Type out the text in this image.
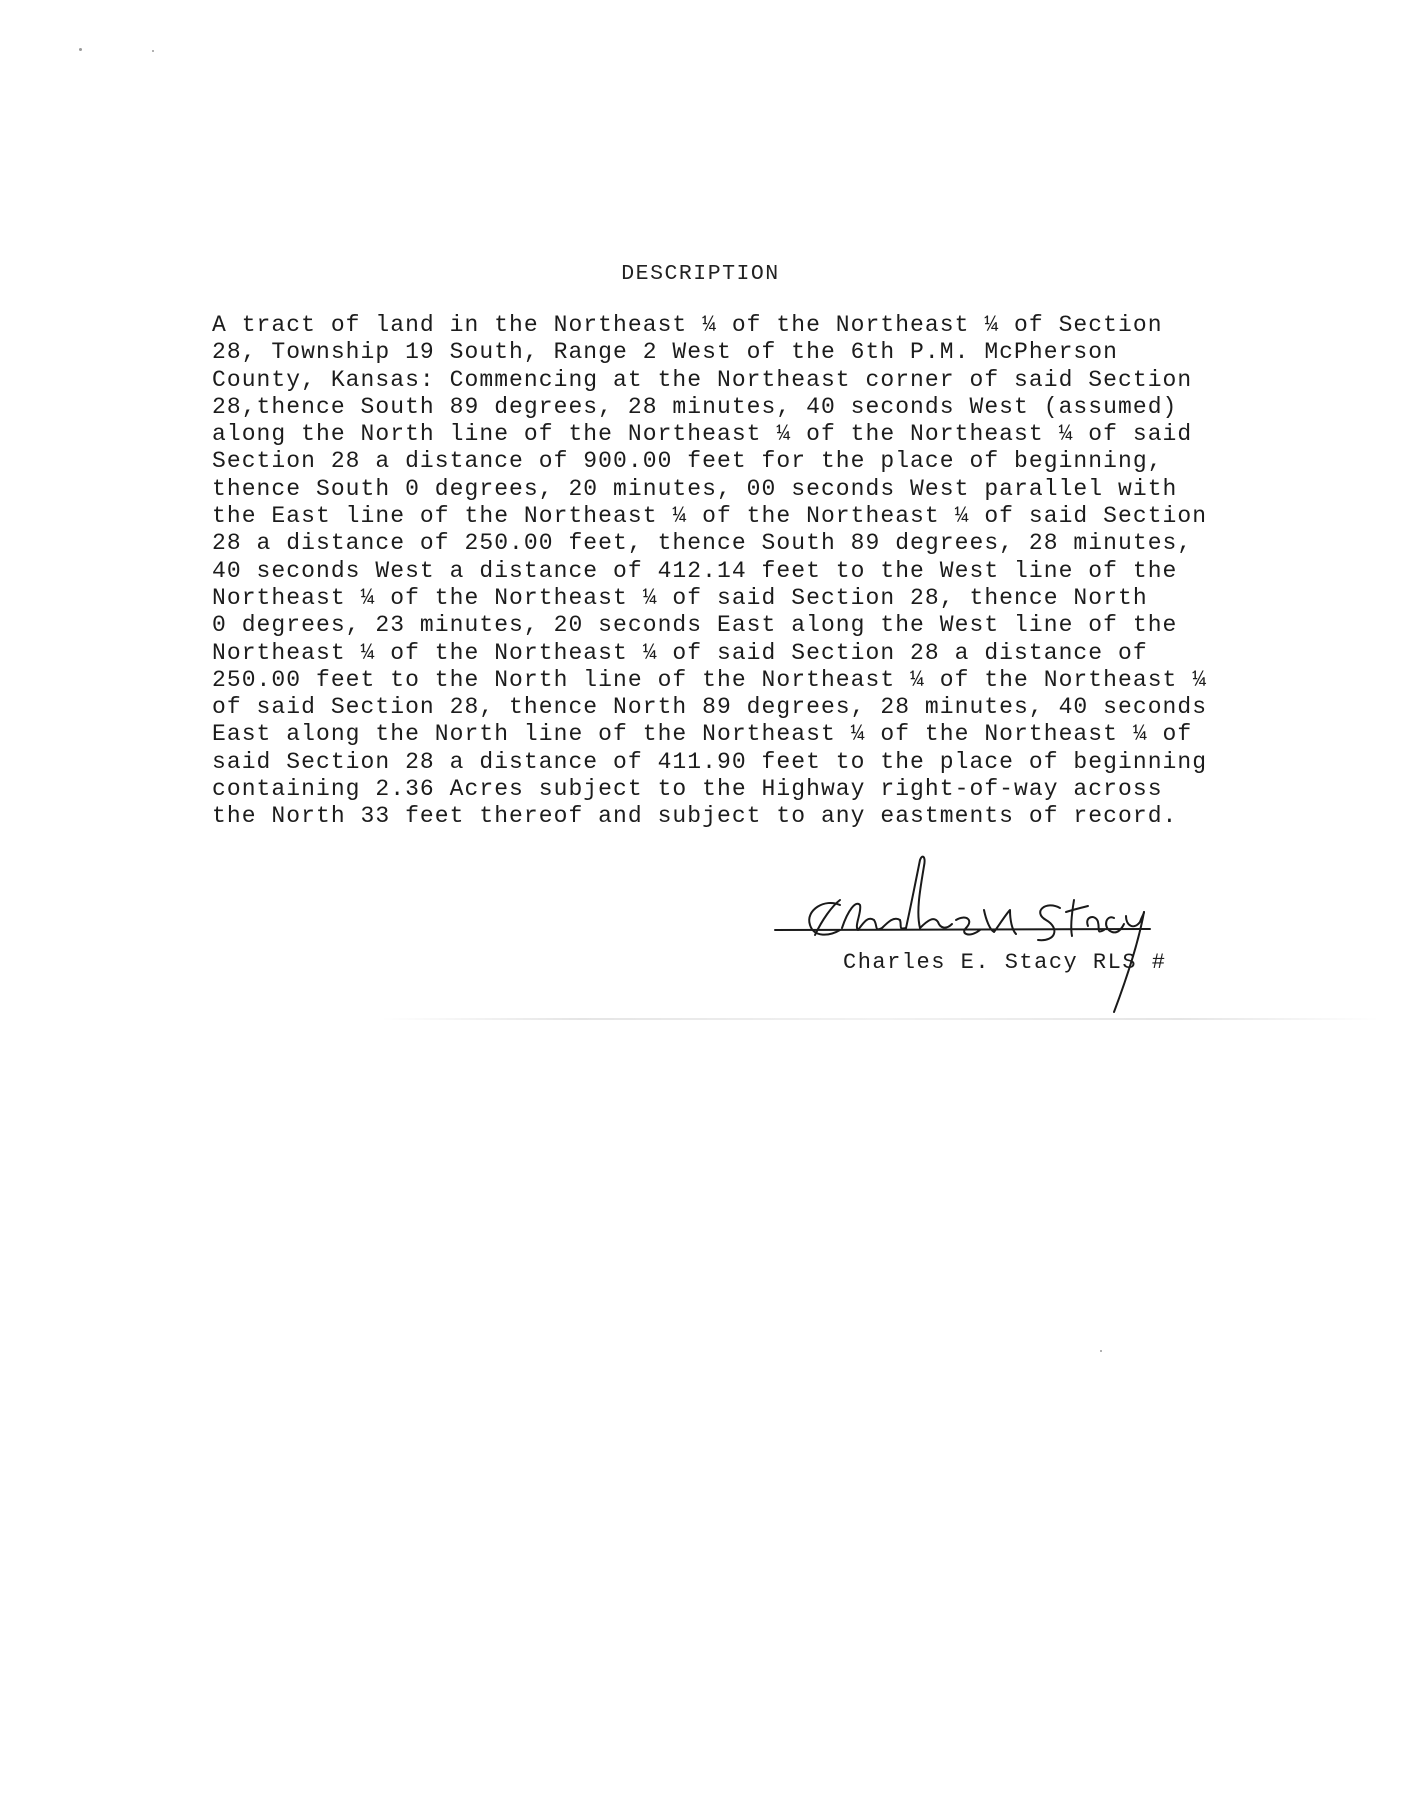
DESCRIPTION
A tract of land in the Northeast ¼ of the Northeast ¼ of Section
28, Township 19 South, Range 2 West of the 6th P.M. McPherson
County, Kansas: Commencing at the Northeast corner of said Section
28,thence South 89 degrees, 28 minutes, 40 seconds West (assumed)
along the North line of the Northeast ¼ of the Northeast ¼ of said
Section 28 a distance of 900.00 feet for the place of beginning,
thence South 0 degrees, 20 minutes, 00 seconds West parallel with
the East line of the Northeast ¼ of the Northeast ¼ of said Section
28 a distance of 250.00 feet, thence South 89 degrees, 28 minutes,
40 seconds West a distance of 412.14 feet to the West line of the
Northeast ¼ of the Northeast ¼ of said Section 28, thence North
0 degrees, 23 minutes, 20 seconds East along the West line of the
Northeast ¼ of the Northeast ¼ of said Section 28 a distance of
250.00 feet to the North line of the Northeast ¼ of the Northeast ¼
of said Section 28, thence North 89 degrees, 28 minutes, 40 seconds
East along the North line of the Northeast ¼ of the Northeast ¼ of
said Section 28 a distance of 411.90 feet to the place of beginning
containing 2.36 Acres subject to the Highway right-of-way across
the North 33 feet thereof and subject to any eastments of record.
Charles E. Stacy RLS #
